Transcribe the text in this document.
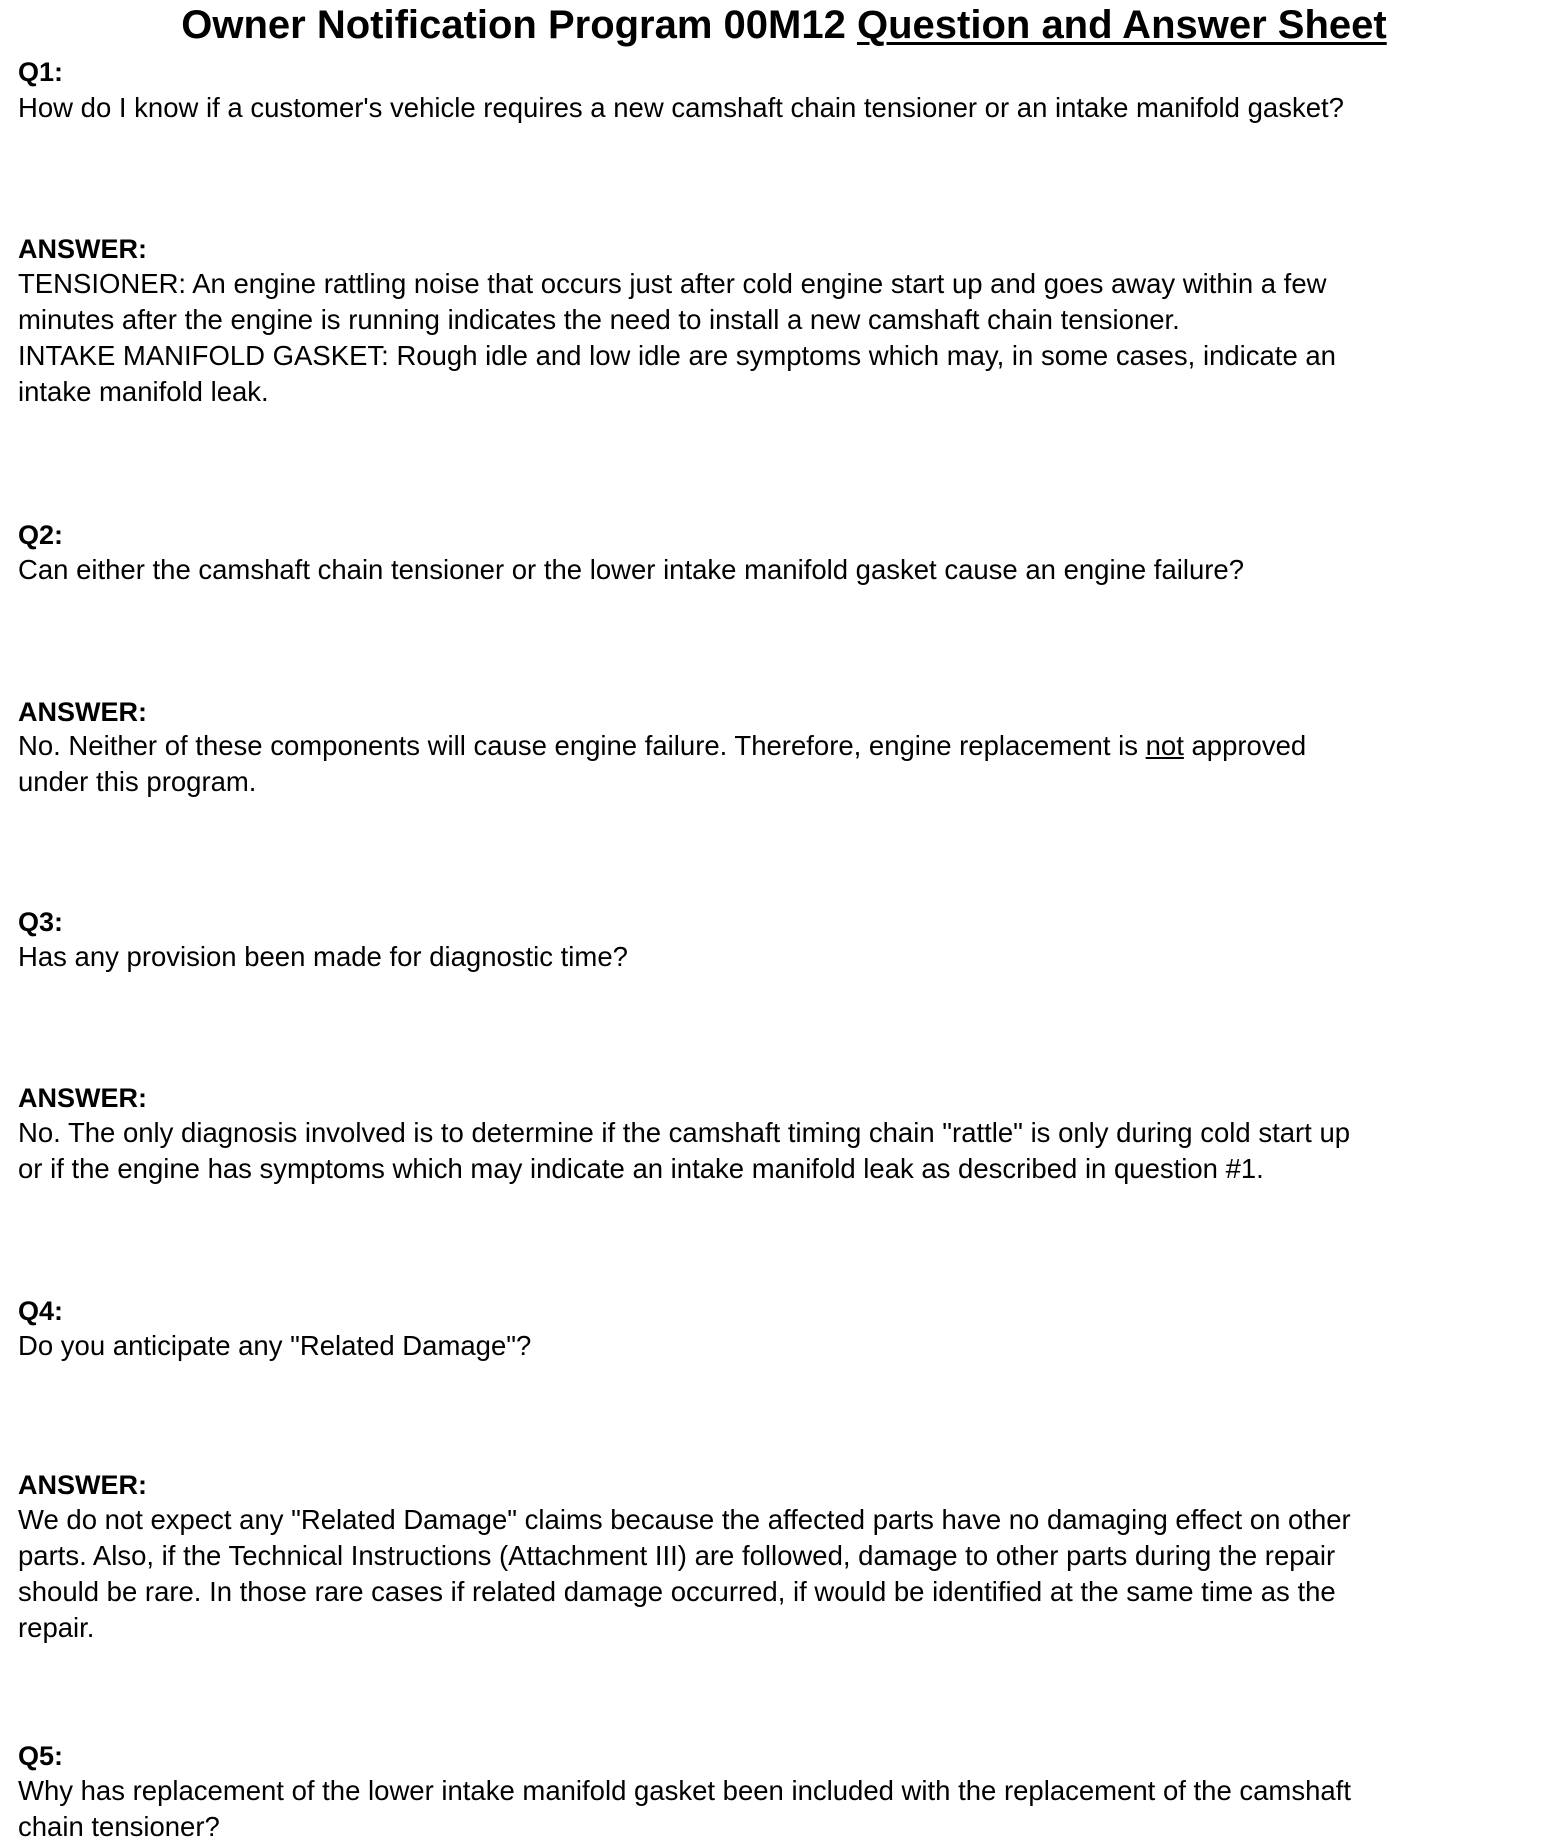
Owner Notification Program 00M12 Question and Answer Sheet
Q1:
How do I know if a customer's vehicle requires a new camshaft chain tensioner or an intake manifold gasket?
ANSWER:
TENSIONER: An engine rattling noise that occurs just after cold engine start up and goes away within a few
minutes after the engine is running indicates the need to install a new camshaft chain tensioner.
INTAKE MANIFOLD GASKET: Rough idle and low idle are symptoms which may, in some cases, indicate an
intake manifold leak.
Q2:
Can either the camshaft chain tensioner or the lower intake manifold gasket cause an engine failure?
ANSWER:
No. Neither of these components will cause engine failure. Therefore, engine replacement is not approved
under this program.
Q3:
Has any provision been made for diagnostic time?
ANSWER:
No. The only diagnosis involved is to determine if the camshaft timing chain "rattle" is only during cold start up
or if the engine has symptoms which may indicate an intake manifold leak as described in question #1.
Q4:
Do you anticipate any "Related Damage"?
ANSWER:
We do not expect any "Related Damage" claims because the affected parts have no damaging effect on other
parts. Also, if the Technical Instructions (Attachment III) are followed, damage to other parts during the repair
should be rare. In those rare cases if related damage occurred, if would be identified at the same time as the
repair.
Q5:
Why has replacement of the lower intake manifold gasket been included with the replacement of the camshaft
chain tensioner?
